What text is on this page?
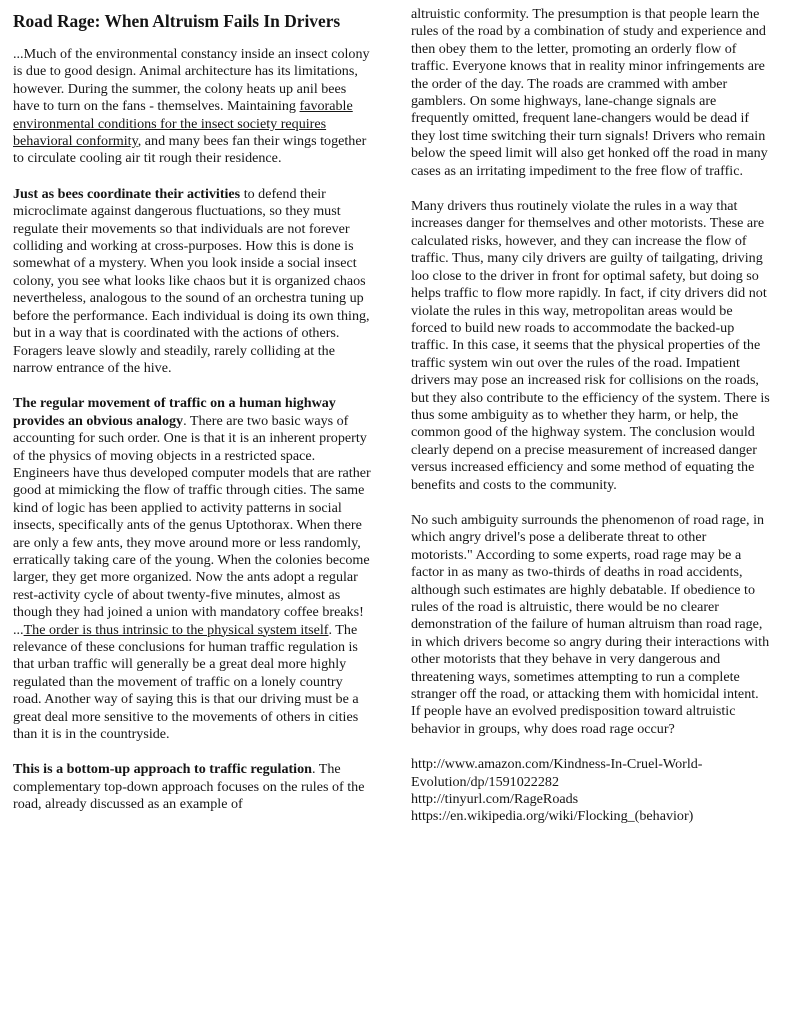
Road Rage: When Altruism Fails In Drivers

...Much of the environmental constancy inside an insect colony is due to good design. Animal architecture has its limitations, however. During the summer, the colony heats up anil bees have to turn on the fans - themselves. Maintaining favorable environmental conditions for the insect society requires behavioral conformity, and many bees fan their wings together to circulate cooling air tit rough their residence.

Just as bees coordinate their activities to defend their microclimate against dangerous fluctuations, so they must regulate their movements so that individuals are not forever colliding and working at cross-purposes. How this is done is somewhat of a mystery. When you look inside a social insect colony, you see what looks like chaos but it is organized chaos nevertheless, analogous to the sound of an orchestra tuning up before the performance. Each individual is doing its own thing, but in a way that is coordinated with the actions of others. Foragers leave slowly and steadily, rarely colliding at the narrow entrance of the hive.

The regular movement of traffic on a human highway provides an obvious analogy. There are two basic ways of accounting for such order. One is that it is an inherent property of the physics of moving objects in a restricted space. Engineers have thus developed computer models that are rather good at mimicking the flow of traffic through cities. The same kind of logic has been applied to activity patterns in social insects, specifically ants of the genus Uptothorax. When there are only a few ants, they move around more or less randomly, erratically taking care of the young. When the colonies become larger, they get more organized. Now the ants adopt a regular rest-activity cycle of about twenty-five minutes, almost as though they had joined a union with mandatory coffee breaks! ...The order is thus intrinsic to the physical system itself. The relevance of these conclusions for human traffic regulation is that urban traffic will generally be a great deal more highly regulated than the movement of traffic on a lonely country road. Another way of saying this is that our driving must be a great deal more sensitive to the movements of others in cities than it is in the countryside.

This is a bottom-up approach to traffic regulation. The complementary top-down approach focuses on the rules of the road, already discussed as an example of

altruistic conformity. The presumption is that people learn the rules of the road by a combination of study and experience and then obey them to the letter, promoting an orderly flow of traffic. Everyone knows that in reality minor infringements are the order of the day. The roads are crammed with amber gamblers. On some highways, lane-change signals are frequently omitted, frequent lane-changers would be dead if they lost time switching their turn signals! Drivers who remain below the speed limit will also get honked off the road in many cases as an irritating impediment to the free flow of traffic.

Many drivers thus routinely violate the rules in a way that increases danger for themselves and other motorists. These are calculated risks, however, and they can increase the flow of traffic. Thus, many cily drivers are guilty of tailgating, driving loo close to the driver in front for optimal safety, but doing so helps traffic to flow more rapidly. In fact, if city drivers did not violate the rules in this way, metropolitan areas would be forced to build new roads to accommodate the backed-up traffic. In this case, it seems that the physical properties of the traffic system win out over the rules of the road. Impatient drivers may pose an increased risk for collisions on the roads, but they also contribute to the efficiency of the system. There is thus some ambiguity as to whether they harm, or help, the common good of the highway system. The conclusion would clearly depend on a precise measurement of increased danger versus increased efficiency and some method of equating the benefits and costs to the community.

No such ambiguity surrounds the phenomenon of road rage, in which angry drivel's pose a deliberate threat to other motorists." According to some experts, road rage may be a factor in as many as two-thirds of deaths in road accidents, although such estimates are highly debatable. If obedience to rules of the road is altruistic, there would be no clearer demonstration of the failure of human altruism than road rage, in which drivers become so angry during their interactions with other motorists that they behave in very dangerous and threatening ways, sometimes attempting to run a complete stranger off the road, or attacking them with homicidal intent. If people have an evolved predisposition toward altruistic behavior in groups, why does road rage occur?

http://www.amazon.com/Kindness-In-Cruel-World-Evolution/dp/1591022282
http://tinyurl.com/RageRoads
https://en.wikipedia.org/wiki/Flocking_(behavior)
